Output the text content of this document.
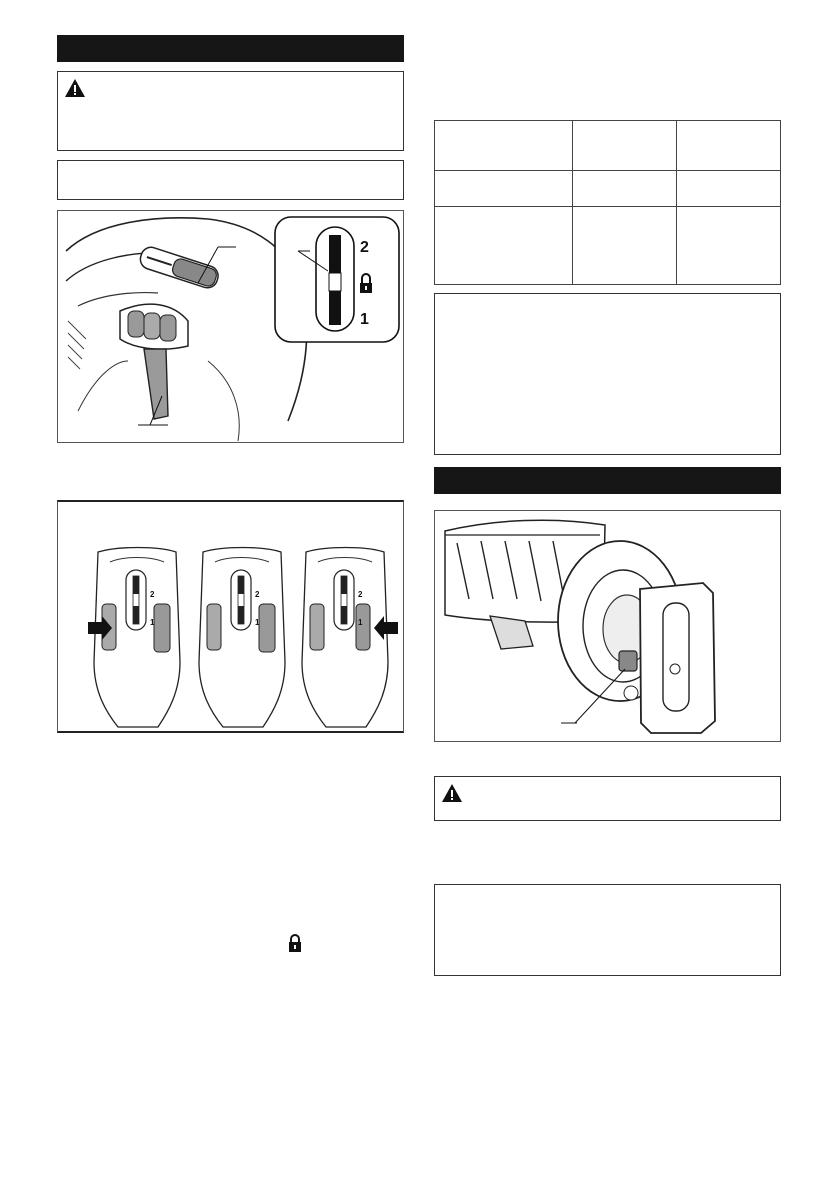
2
1
2
1
2
1
2
1
